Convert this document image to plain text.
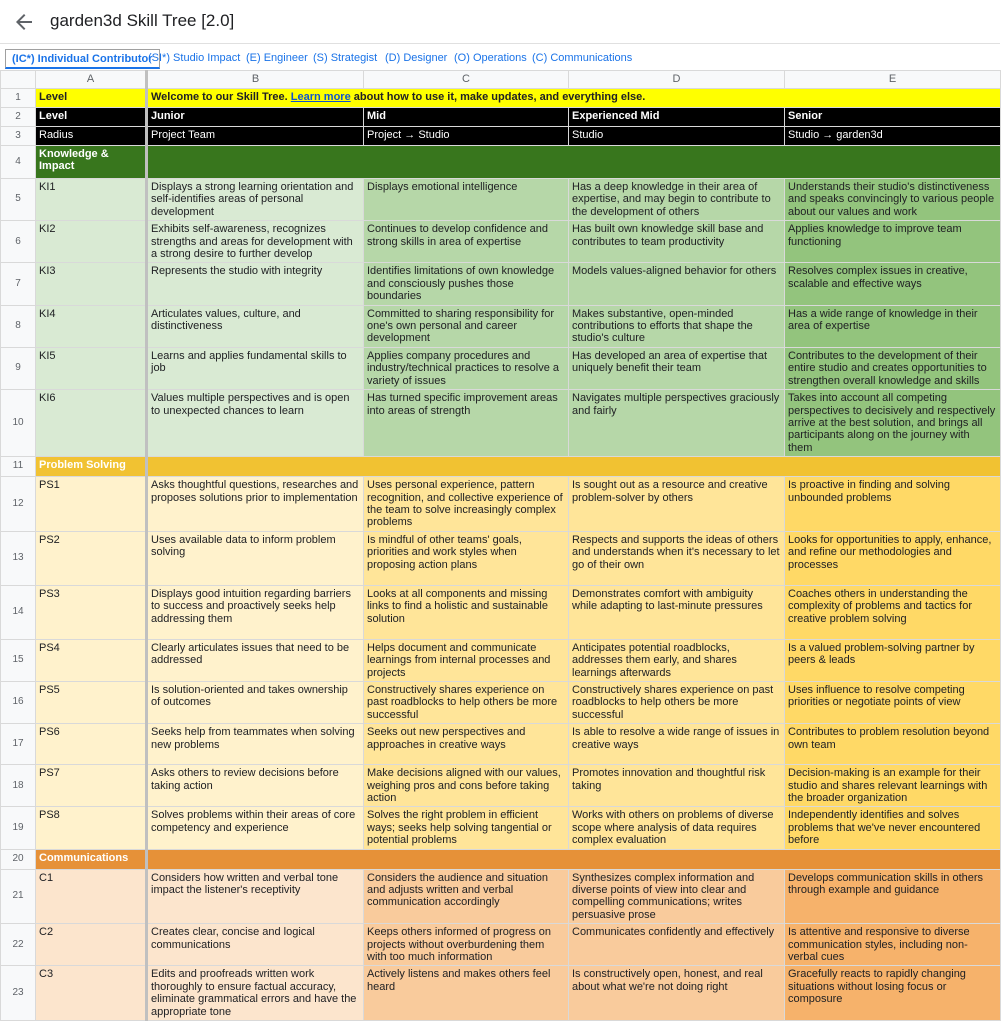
garden3d Skill Tree [2.0]
(IC*) Individual Contributor
(SI*) Studio Impact (E) Engineer (S) Strategist (D) Designer (O) Operations (C) Communications
	A	B	C	D	E
1	Level	Welcome to our Skill Tree. Learn more about how to use it, make updates, and everything else.			
2	Level	Junior	Mid	Experienced Mid	Senior
3	Radius	Project Team	Project → Studio	Studio	Studio → garden3d
4	Knowledge & Impact				
5	KI1	Displays a strong learning orientation and self-identifies areas of personal development	Displays emotional intelligence	Has a deep knowledge in their area of expertise, and may begin to contribute to the development of others	Understands their studio's distinctiveness and speaks convincingly to various people about our values and work
6	KI2	Exhibits self-awareness, recognizes strengths and areas for development with a strong desire to further develop	Continues to develop confidence and strong skills in area of expertise	Has built own knowledge skill base and contributes to team productivity	Applies knowledge to improve team functioning
7	KI3	Represents the studio with integrity	Identifies limitations of own knowledge and consciously pushes those boundaries	Models values-aligned behavior for others	Resolves complex issues in creative, scalable and effective ways
8	KI4	Articulates values, culture, and distinctiveness	Committed to sharing responsibility for one's own personal and career development	Makes substantive, open-minded contributions to efforts that shape the studio's culture	Has a wide range of knowledge in their area of expertise
9	KI5	Learns and applies fundamental skills to job	Applies company procedures and industry/technical practices to resolve a variety of issues	Has developed an area of expertise that uniquely benefit their team	Contributes to the development of their entire studio and creates opportunities to strengthen overall knowledge and skills
10	KI6	Values multiple perspectives and is open to unexpected chances to learn	Has turned specific improvement areas into areas of strength	Navigates multiple perspectives graciously and fairly	Takes into account all competing perspectives to decisively and respectively arrive at the best solution, and brings all participants along on the journey with them
11	Problem Solving				
12	PS1	Asks thoughtful questions, researches and proposes solutions prior to implementation	Uses personal experience, pattern recognition, and collective experience of the team to solve increasingly complex problems	Is sought out as a resource and creative problem-solver by others	Is proactive in finding and solving unbounded problems
13	PS2	Uses available data to inform problem solving	Is mindful of other teams' goals, priorities and work styles when proposing action plans	Respects and supports the ideas of others and understands when it's necessary to let go of their own	Looks for opportunities to apply, enhance, and refine our methodologies and processes
14	PS3	Displays good intuition regarding barriers to success and proactively seeks help addressing them	Looks at all components and missing links to find a holistic and sustainable solution	Demonstrates comfort with ambiguity while adapting to last-minute pressures	Coaches others in understanding the complexity of problems and tactics for creative problem solving
15	PS4	Clearly articulates issues that need to be addressed	Helps document and communicate learnings from internal processes and projects	Anticipates potential roadblocks, addresses them early, and shares learnings afterwards	Is a valued problem-solving partner by peers & leads
16	PS5	Is solution-oriented and takes ownership of outcomes	Constructively shares experience on past roadblocks to help others be more successful	Constructively shares experience on past roadblocks to help others be more successful	Uses influence to resolve competing priorities or negotiate points of view
17	PS6	Seeks help from teammates when solving new problems	Seeks out new perspectives and approaches in creative ways	Is able to resolve a wide range of issues in creative ways	Contributes to problem resolution beyond own team
18	PS7	Asks others to review decisions before taking action	Make decisions aligned with our values, weighing pros and cons before taking action	Promotes innovation and thoughtful risk taking	Decision-making is an example for their studio and shares relevant learnings with the broader organization
19	PS8	Solves problems within their areas of core competency and experience	Solves the right problem in efficient ways; seeks help solving tangential or potential problems	Works with others on problems of diverse scope where analysis of data requires complex evaluation	Independently identifies and solves problems that we've never encountered before
20	Communications				
21	C1	Considers how written and verbal tone impact the listener's receptivity	Considers the audience and situation and adjusts written and verbal communication accordingly	Synthesizes complex information and diverse points of view into clear and compelling communications; writes persuasive prose	Develops communication skills in others through example and guidance
22	C2	Creates clear, concise and logical communications	Keeps others informed of progress on projects without overburdening them with too much information	Communicates confidently and effectively	Is attentive and responsive to diverse communication styles, including non-verbal cues
23	C3	Edits and proofreads written work thoroughly to ensure factual accuracy, eliminate grammatical errors and have the appropriate tone	Actively listens and makes others feel heard	Is constructively open, honest, and real about what we're not doing right	Gracefully reacts to rapidly changing situations without losing focus or composure
